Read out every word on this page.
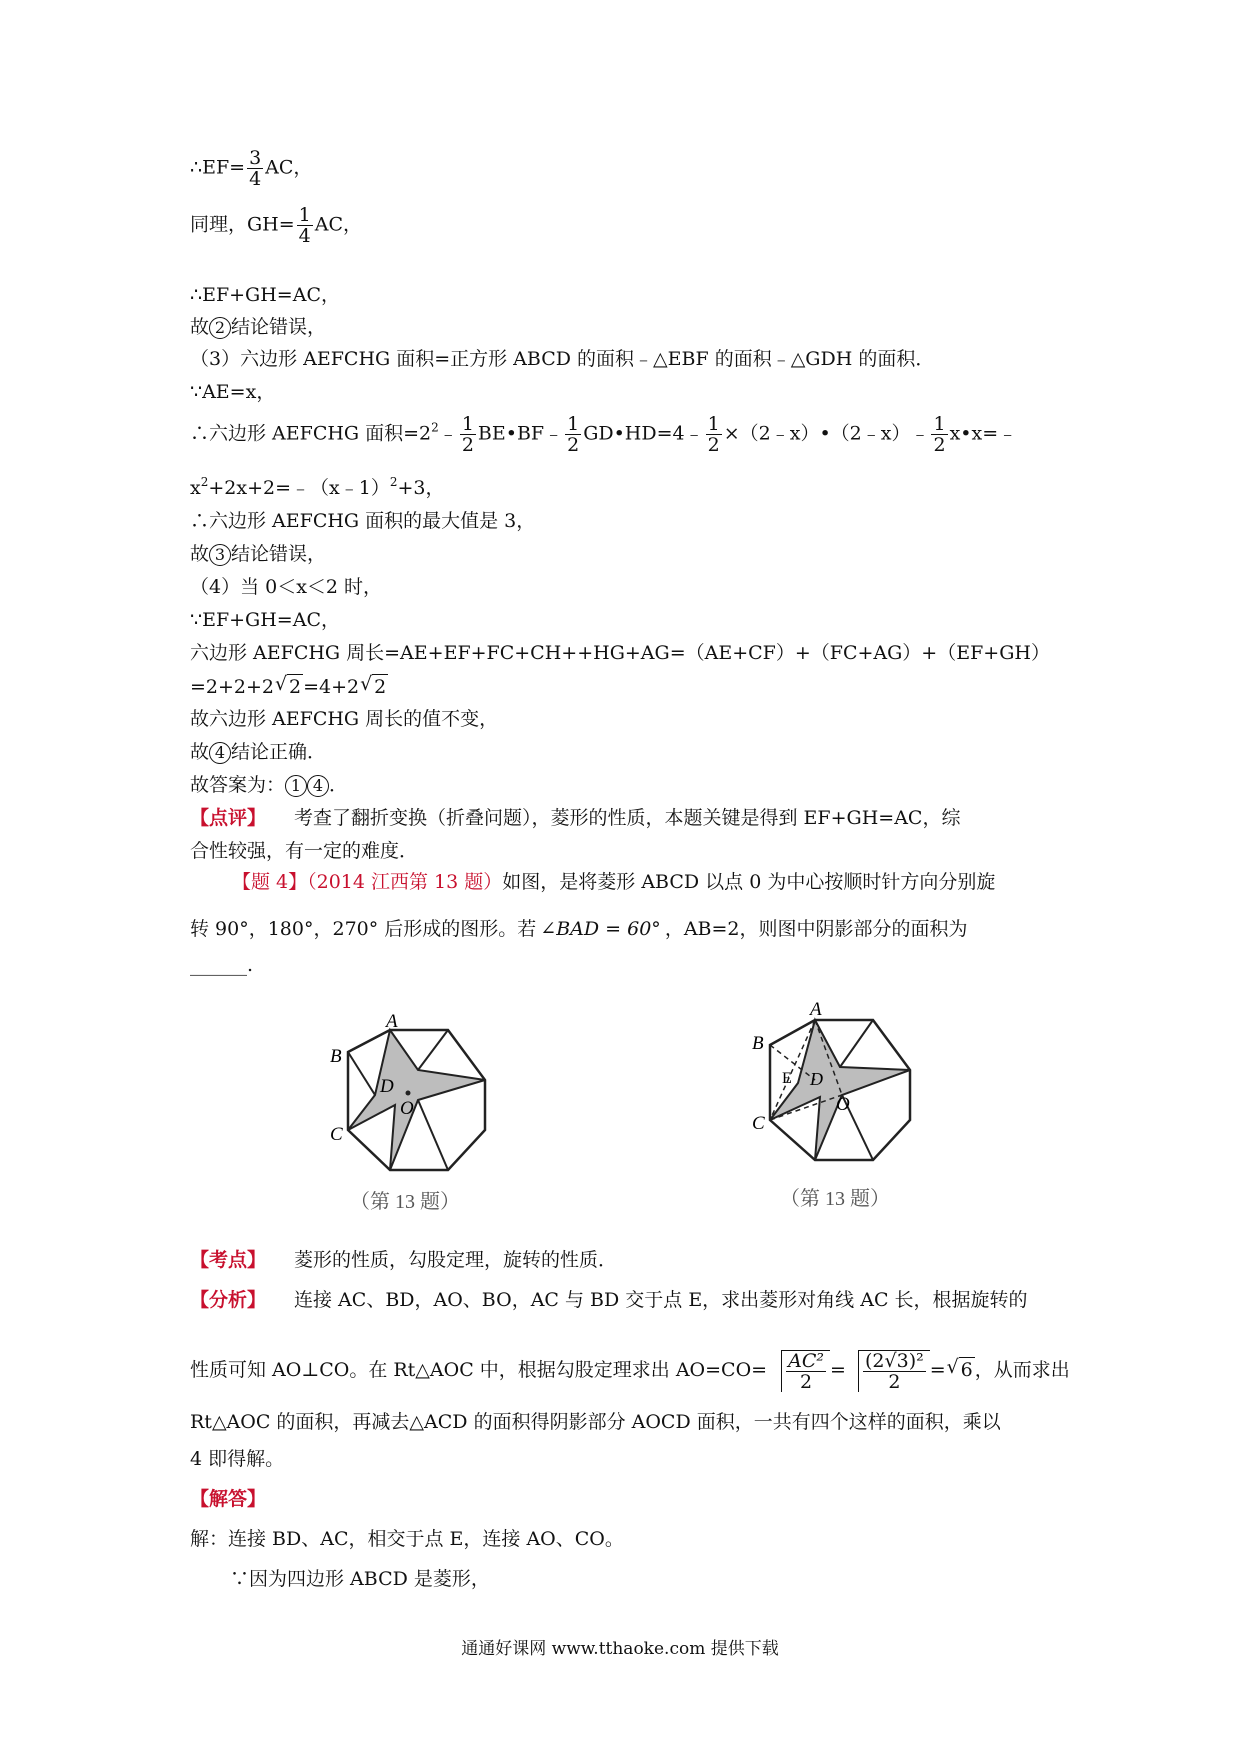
∴EF= $\frac{3}{4}$ AC，
同理，$GH= \frac{1}{4}$ AC，
∴EF+GH=AC，
故 2 结论错误，
（3）六边形 AEFCHG 面积=正方形 ABCD 的面积﹣△EBF 的面积﹣△GDH 的面积．
∵AE=x，
∴六边形 AEFCHG 面积$=2^2﹣ \frac{1}{2}$ BE•BF﹣ $\frac{1}{2}$ GD•HD=4﹣ $\frac{1}{2}$ ×（2﹣x）•（2﹣x）﹣ $\frac{1}{2}$ x•x=﹣
$x^2+2x+2=﹣(x﹣1)^2+3$，
∴六边形 AEFCHG 面积的最大值是 3，
故 3 结论错误，
（4）当 0＜x＜2 时，
∵EF+GH=AC，
六边形 AEFCHG 周长=AE+EF+FC+CH++HG+AG=（AE+CF）+（FC+AG）+（EF+GH）
=2+2+2 √ 2 =4+2 √ 2
故六边形 AEFCHG 周长的值不变，
故 4 结论正确．
故答案为： 1 4 ．
【点评】 考查了翻折变换（折叠问题），菱形的性质，本题关键是得到 EF+GH=AC，综
合性较强，有一定的难度．
【题 4】（2014 江西第 13 题）如图，是将菱形 ABCD 以点 0 为中心按顺时针方向分别旋
转 90°，180°，270° 后形成的图形。若 ∠BAD = 60° ，AB=2，则图中阴影部分的面积为
______.
A
B
C
D
O
（第 13 题）
A
B
C
D
E
O
（第 13 题）
【考点】 菱形的性质，勾股定理，旋转的性质．
【分析】 连接 AC、BD，AO、BO，AC 与 BD 交于点 E，求出菱形对角线 AC 长，根据旋转的
性质可知 AO⊥CO。在 Rt△AOC 中，根据勾股定理求出 $AO=CO= \frac{\text{AC²}}{2} = \frac{\text{(2√3)²}}{2}$ = √ 6 ，从而求出
Rt△AOC 的面积，再减去△ACD 的面积得阴影部分 AOCD 面积，一共有四个这样的面积，乘以
4 即得解。
【解答】
解：连接 BD、AC，相交于点 E，连接 AO、CO。
∵因为四边形 ABCD 是菱形，
通通好课网 www.tthaoke.com 提供下载
